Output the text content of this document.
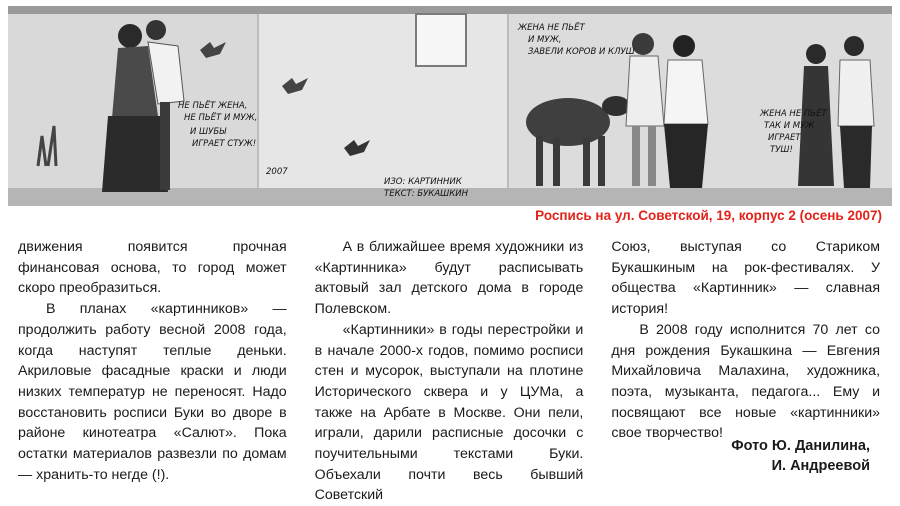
НЕ ПЬЁТ ЖЕНА,
НЕ ПЬЁТ И МУЖ,
И ШУБЫ
ИГРАЕТ СТУЖ!
ЖЕНА НЕ ПЬЁТ
И МУЖ,
ЗАВЕЛИ КОРОВ И КЛУШ
ЖЕНА НЕ ПЬЁТ
ТАК И МУЖ
ИГРАЕТ
ТУШ!
ИЗО: КАРТИННИК
ТЕКСТ: БУКАШКИН
2007
Роспись на ул. Советской, 19, корпус 2 (осень 2007)

движения появится прочная финансовая основа, то город может скоро преобразиться.

В планах «картинников» — продолжить работу весной 2008 года, когда наступят теплые деньки. Акриловые фасадные краски и люди низких температур не переносят. Надо восстановить росписи Буки во дворе в районе кинотеатра «Салют». Пока остатки материалов развезли по домам — хранить-то негде (!).

А в ближайшее время художники из «Картинника» будут расписывать актовый зал детского дома в городе Полевском.

«Картинники» в годы перестройки и в начале 2000-х годов, помимо росписи стен и мусорок, выступали на плотине Исторического сквера и у ЦУМа, а также на Арбате в Москве. Они пели, играли, дарили расписные досочки с поучительными текстами Буки. Объехали почти весь бывший Советский

Союз, выступая со Стариком Букашкиным на рок-фестивалях. У общества «Картинник» — славная история!

В 2008 году исполнится 70 лет со дня рождения Букашкина — Евгения Михайловича Малахина, художника, поэта, музыканта, педагога... Ему и посвящают все новые «картинники» свое творчество!

Фото Ю. Данилина,
И. Андреевой
